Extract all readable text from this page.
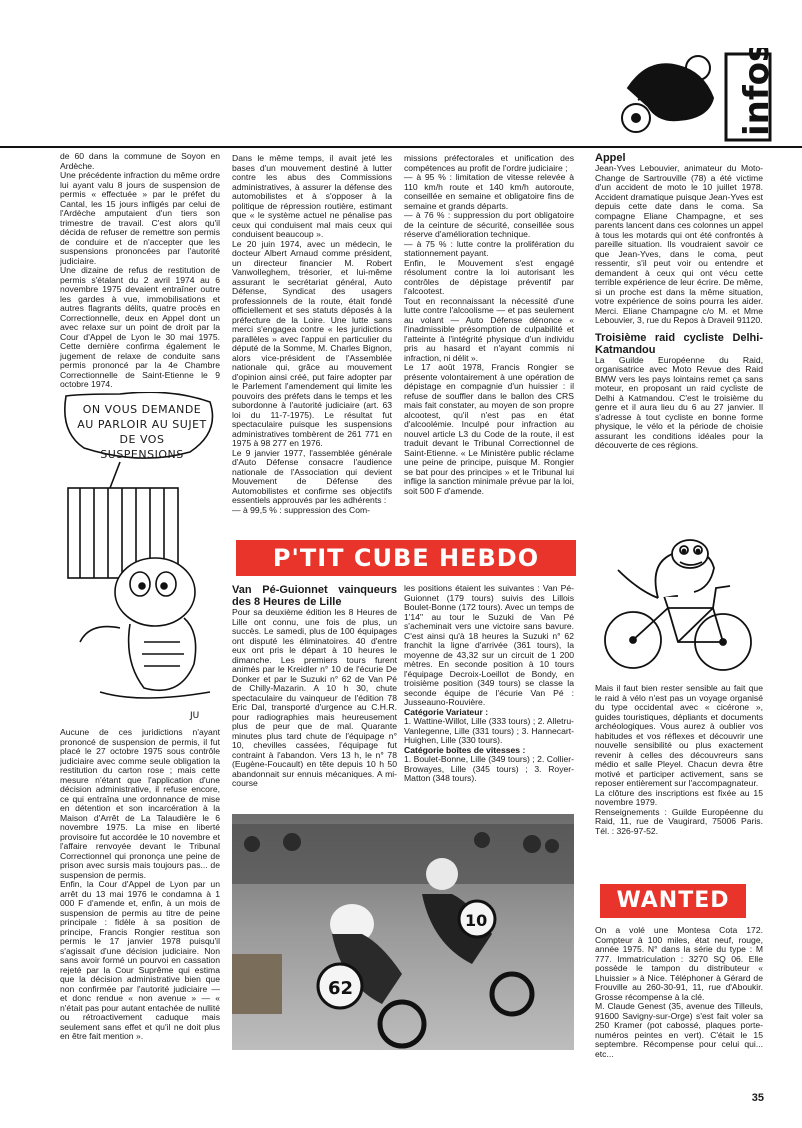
infos

de 60 dans la commune de Soyon en Ardèche.

Une précédente infraction du même ordre lui ayant valu 8 jours de suspension de permis « effectuée » par le préfet du Cantal, les 15 jours infligés par celui de l'Ardèche amputaient d'un tiers son trimestre de travail. C'est alors qu'il décida de refuser de remettre son permis de conduire et de n'accepter que les suspensions prononcées par l'autorité judiciaire.

Une dizaine de refus de restitution de permis s'étalant du 2 avril 1974 au 6 novembre 1975 devaient entraîner outre les gardes à vue, immobilisations et autres flagrants délits, quatre procès en Correctionnelle, deux en Appel dont un avec relaxe sur un point de droit par la Cour d'Appel de Lyon le 30 mai 1975. Cette dernière confirma également le jugement de relaxe de conduite sans permis prononcé par la 4e Chambre Correctionnelle de Saint-Etienne le 9 octobre 1974.

JU
ON VOUS DEMANDE AU PARLOIR AU SUJET DE VOS SUSPENSIONS

Aucune de ces juridictions n'ayant prononcé de suspension de permis, il fut placé le 27 octobre 1975 sous contrôle judiciaire avec comme seule obligation la restitution du carton rose ; mais cette mesure n'étant que l'application d'une décision administrative, il refuse encore, ce qui entraîna une ordonnance de mise en détention et son incarcération à la Maison d'Arrêt de La Talaudière le 6 novembre 1975. La mise en liberté provisoire fut accordée le 10 novembre et l'affaire renvoyée devant le Tribunal Correctionnel qui prononça une peine de prison avec sursis mais toujours pas... de suspension de permis.

Enfin, la Cour d'Appel de Lyon par un arrêt du 13 mai 1976 le condamna à 1 000 F d'amende et, enfin, à un mois de suspension de permis au titre de peine principale : fidèle à sa position de principe, Francis Rongier restitua son permis le 17 janvier 1978 puisqu'il s'agissait d'une décision judiciaire. Non sans avoir formé un pourvoi en cassation rejeté par la Cour Suprême qui estima que la décision administrative bien que non confirmée par l'autorité judiciaire — et donc rendue « non avenue » — « n'était pas pour autant entachée de nullité ou rétroactivement caduque mais seulement sans effet et qu'il ne doit plus en être fait mention ».

Dans le même temps, il avait jeté les bases d'un mouvement destiné à lutter contre les abus des Commissions administratives, à assurer la défense des automobilistes et à s'opposer à la politique de répression routière, estimant que « le système actuel ne pénalise pas ceux qui conduisent mal mais ceux qui conduisent beaucoup ».

Le 20 juin 1974, avec un médecin, le docteur Albert Arnaud comme président, un directeur financier M. Robert Vanwolleghem, trésorier, et lui-même assurant le secrétariat général, Auto Défense, Syndicat des usagers professionnels de la route, était fondé officiellement et ses statuts déposés à la préfecture de la Loire. Une lutte sans merci s'engagea contre « les juridictions parallèles » avec l'appui en particulier du député de la Somme, M. Charles Bignon, alors vice-président de l'Assemblée nationale qui, grâce au mouvement d'opinion ainsi créé, put faire adopter par le Parlement l'amendement qui limite les pouvoirs des préfets dans le temps et les subordonne à l'autorité judiciaire (art. 63 loi du 11-7-1975). Le résultat fut spectaculaire puisque les suspensions administratives tombèrent de 261 771 en 1975 à 98 277 en 1976.

Le 9 janvier 1977, l'assemblée générale d'Auto Défense consacre l'audience nationale de l'Association qui devient Mouvement de Défense des Automobilistes et confirme ses objectifs essentiels approuvés par les adhérents :

— à 99,5 % : suppression des Com-

missions préfectorales et unification des compétences au profit de l'ordre judiciaire ;

— à 95 % : limitation de vitesse relevée à 110 km/h route et 140 km/h autoroute, conseillée en semaine et obligatoire fins de semaine et grands départs.

— à 76 % : suppression du port obligatoire de la ceinture de sécurité, conseillée sous réserve d'amélioration technique.

— à 75 % : lutte contre la prolifération du stationnement payant.

Enfin, le Mouvement s'est engagé résolument contre la loi autorisant les contrôles de dépistage préventif par l'alcootest.

Tout en reconnaissant la nécessité d'une lutte contre l'alcoolisme — et pas seulement au volant — Auto Défense dénonce « l'inadmissible présomption de culpabilité et l'atteinte à l'intégrité physique d'un individu pris au hasard et n'ayant commis ni infraction, ni délit ».

Le 17 août 1978, Francis Rongier se présente volontairement à une opération de dépistage en compagnie d'un huissier : il refuse de souffler dans le ballon des CRS mais fait constater, au moyen de son propre alcootest, qu'il n'est pas en état d'alcoolémie. Inculpé pour infraction au nouvel article L3 du Code de la route, il est traduit devant le Tribunal Correctionnel de Saint-Etienne. « Le Ministère public réclame une peine de principe, puisque M. Rongier se bat pour des principes » et le Tribunal lui inflige la sanction minimale prévue par la loi, soit 500 F d'amende.

Appel

Jean-Yves Lebouvier, animateur du Moto-Change de Sartrouville (78) a été victime d'un accident de moto le 10 juillet 1978. Accident dramatique puisque Jean-Yves est depuis cette date dans le coma. Sa compagne Eliane Champagne, et ses parents lancent dans ces colonnes un appel à tous les motards qui ont été confrontés à pareille situation. Ils voudraient savoir ce que Jean-Yves, dans le coma, peut ressentir, s'il peut voir ou entendre et demandent à ceux qui ont vécu cette terrible expérience de leur écrire. De même, si un proche est dans la même situation, votre expérience de soins pourra les aider. Merci. Eliane Champagne c/o M. et Mme Lebouvier, 3, rue du Repos à Draveil 91120.

Troisième raid cycliste Delhi-Katmandou

La Guilde Européenne du Raid, organisatrice avec Moto Revue des Raid BMW vers les pays lointains remet ça sans moteur, en proposant un raid cycliste de Delhi à Katmandou. C'est le troisième du genre et il aura lieu du 6 au 27 janvier. Il s'adresse à tout cycliste en bonne forme physique, le vélo et la période de choisie assurant les conditions idéales pour la découverte de ces régions.

Mais il faut bien rester sensible au fait que le raid à vélo n'est pas un voyage organisé du type occidental avec « cicérone », guides touristiques, dépliants et documents archéologiques. Vous aurez à oublier vos habitudes et vos réflexes et découvrir une nouvelle sensibilité ou plus exactement revenir à celles des découvreurs sans médio et salle Pleyel. Chacun devra être motivé et participer activement, sans se reposer entièrement sur l'accompagnateur.

La clôture des inscriptions est fixée au 15 novembre 1979.

Renseignements : Guilde Européenne du Raid, 11, rue de Vaugirard, 75006 Paris. Tél. : 326-97-52.

WANTED

On a volé une Montesa Cota 172. Compteur à 100 miles, état neuf, rouge, année 1975. N° dans la série du type : M 777. Immatriculation : 3270 SQ 06. Elle possède le tampon du distributeur « Lhuissier » à Nice. Téléphoner à Gérard de Frouville au 260-30-91, 11, rue d'Aboukir. Grosse récompense à la clé.

M. Claude Genest (35, avenue des Tilleuls, 91600 Savigny-sur-Orge) s'est fait voler sa 250 Kramer (pot cabossé, plaques porte-numéros peintes en vert). C'était le 15 septembre. Récompense pour celui qui... etc...

P'TIT CUBE HEBDO

Van Pé-Guionnet vainqueurs des 8 Heures de Lille

Pour sa deuxième édition les 8 Heures de Lille ont connu, une fois de plus, un succès. Le samedi, plus de 100 équipages ont disputé les éliminatoires. 40 d'entre eux ont pris le départ à 10 heures le dimanche. Les premiers tours furent animés par le Kreidler n° 10 de l'écurie De Donker et par le Suzuki n° 62 de Van Pé de Chilly-Mazarin. A 10 h 30, chute spectaculaire du vainqueur de l'édition 78 Eric Dal, transporté d'urgence au C.H.R. pour radiographies mais heureusement plus de peur que de mal. Quarante minutes plus tard chute de l'équipage n° 10, chevilles cassées, l'équipage fut contraint à l'abandon. Vers 13 h, le n° 78 (Eugène-Foucault) en tête depuis 10 h 50 abandonnait sur ennuis mécaniques. A mi-course

les positions étaient les suivantes : Van Pé-Guionnet (179 tours) suivis des Lillois Boulet-Bonne (172 tours). Avec un temps de 1'14" au tour le Suzuki de Van Pé s'acheminait vers une victoire sans bavure. C'est ainsi qu'à 18 heures la Suzuki n° 62 franchit la ligne d'arrivée (361 tours), la moyenne de 43,32 sur un circuit de 1 200 mètres. En seconde position à 10 tours l'équipage Decroix-Loeillot de Bondy, en troisième position (349 tours) se classe la seconde équipe de l'écurie Van Pé : Jusseauno-Rouvière.

Catégorie Variateur :

1. Wattine-Willot, Lille (333 tours) ; 2. Alletru-Vanlegenne, Lille (331 tours) ; 3. Hannecart-Huighen, Lille (330 tours).

Catégorie boîtes de vitesses :

1. Boulet-Bonne, Lille (349 tours) ; 2. Collier-Browayes, Lille (345 tours) ; 3. Royer-Matton (348 tours).

62
10
35
